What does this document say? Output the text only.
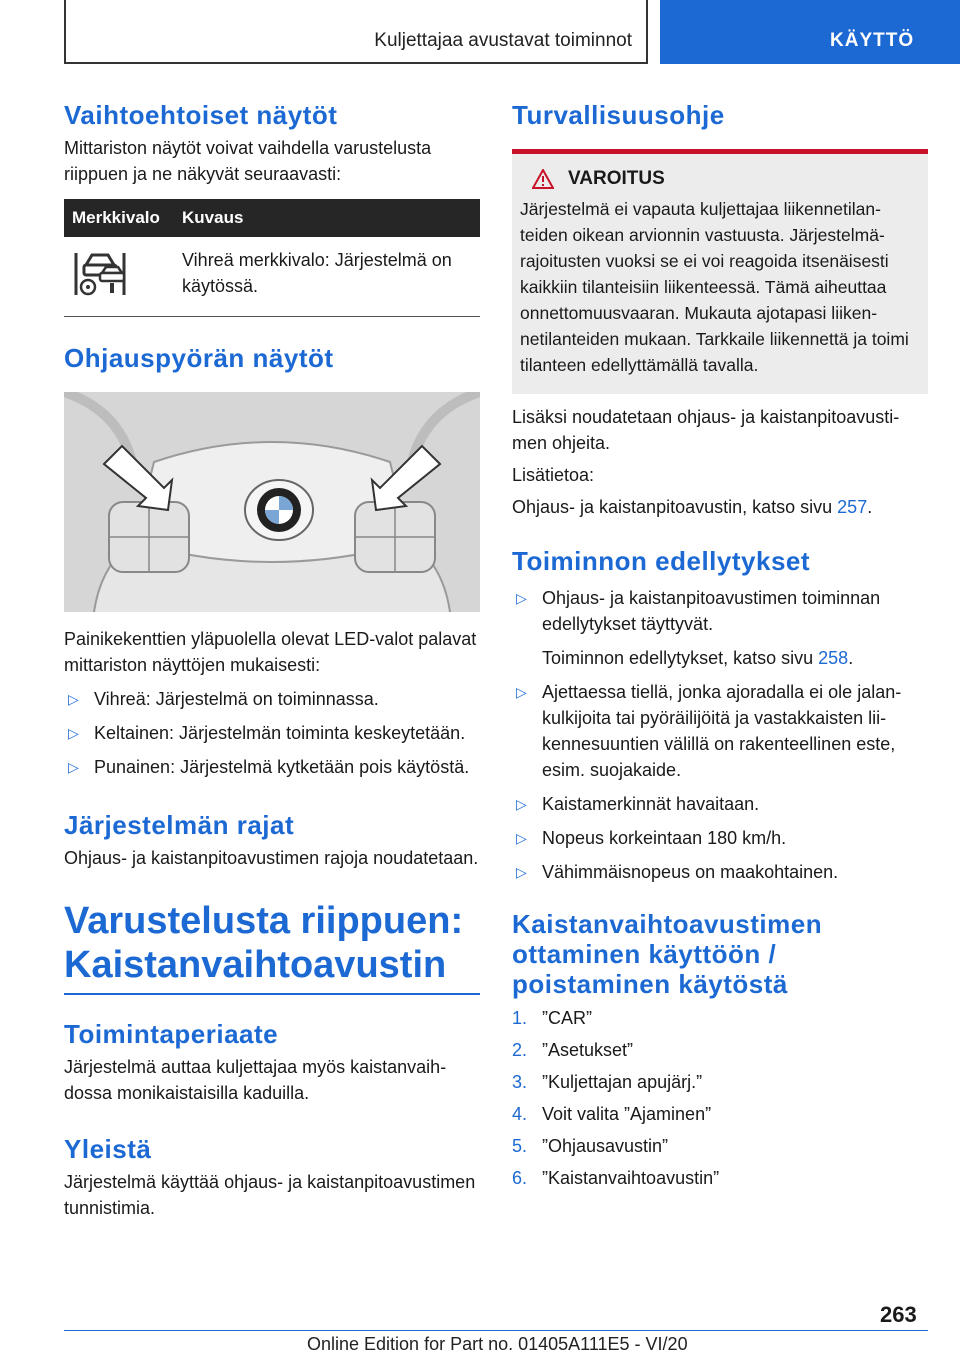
Kuljettajaa avustavat toiminnot	KÄYTTÖ
Vaihtoehtoiset näytöt

Mittariston näytöt voivat vaihdella varustelusta riippuen ja ne näkyvät seuraavasti:

Merkkivalo	Kuvaus
Vihreä merkkivalo: Järjestelmä on käytössä.
Ohjauspyörän näytöt

Painikekenttien yläpuolella olevat LED-valot palavat mittariston näyttöjen mukaisesti:

▷ Vihreä: Järjestelmä on toiminnassa.
▷ Keltainen: Järjestelmän toiminta keskeytetään.
▷ Punainen: Järjestelmä kytketään pois käytöstä.
Järjestelmän rajat

Ohjaus- ja kaistanpitoavustimen rajoja noudatetaan.

Varustelusta riippuen: Kaistanvaihtoavustin
Toimintaperiaate

Järjestelmä auttaa kuljettajaa myös kaistanvaihdossa monikaistaisilla kaduilla.

Yleistä

Järjestelmä käyttää ohjaus- ja kaistanpitoavustimen tunnistimia.

Turvallisuusohje
VAROITUS

Järjestelmä ei vapauta kuljettajaa liikennetilanteiden oikean arvionnin vastuusta. Järjestelmärajoitusten vuoksi se ei voi reagoida itsenäisesti kaikkiin tilanteisiin liikenteessä. Tämä aiheuttaa onnettomuusvaaran. Mukauta ajotapasi liikennetilanteiden mukaan. Tarkkaile liikennettä ja toimi tilanteen edellyttämällä tavalla.

Lisäksi noudatetaan ohjaus- ja kaistanpitoavustimen ohjeita.

Lisätietoa:

Ohjaus- ja kaistanpitoavustin, katso sivu 257.

Toiminnon edellytykset
▷ Ohjaus- ja kaistanpitoavustimen toiminnan edellytykset täyttyvät.
Toiminnon edellytykset, katso sivu 258.
▷ Ajettaessa tiellä, jonka ajoradalla ei ole jalankulkijoita tai pyöräilijöitä ja vastakkaisten liikennesuuntien välillä on rakenteellinen este, esim. suojakaide.
▷ Kaistamerkinnät havaitaan.
▷ Nopeus korkeintaan 180 km/h.
▷ Vähimmäisnopeus on maakohtainen.
Kaistanvaihtoavustimen ottaminen käyttöön / poistaminen käytöstä
1. ”CAR”
2. ”Asetukset”
3. ”Kuljettajan apujärj.”
4. Voit valita ”Ajaminen”
5. ”Ohjausavustin”
6. ”Kaistanvaihtoavustin”
263
Online Edition for Part no. 01405A111E5 - VI/20
